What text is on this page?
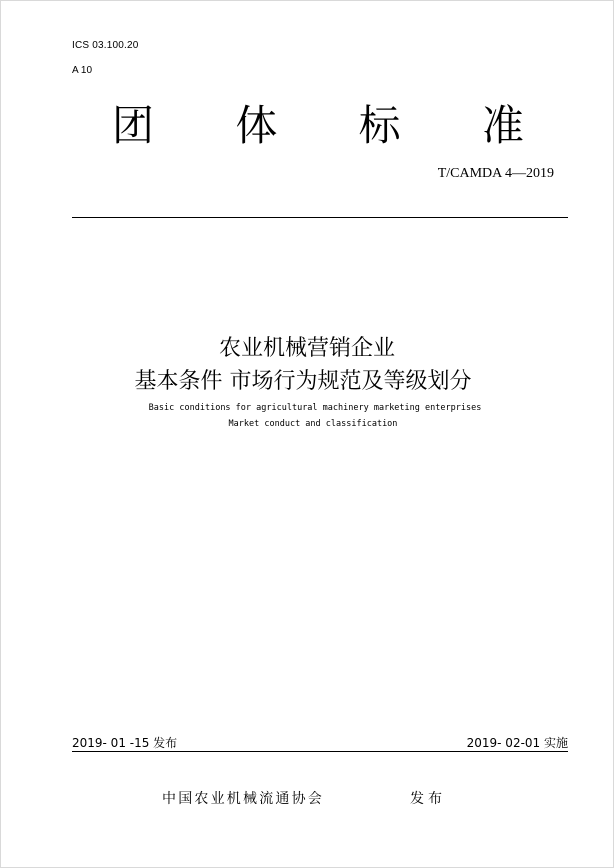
ICS 03.100.20
A 10
团 体 标 准
T/CAMDA 4—2019
农业机械营销企业
基本条件 市场行为规范及等级划分
Basic conditions for agricultural machinery marketing enterprises
Market conduct and classification
2019- 01 -15 发布	2019- 02-01 实施
中国农业机械流通协会	发布
